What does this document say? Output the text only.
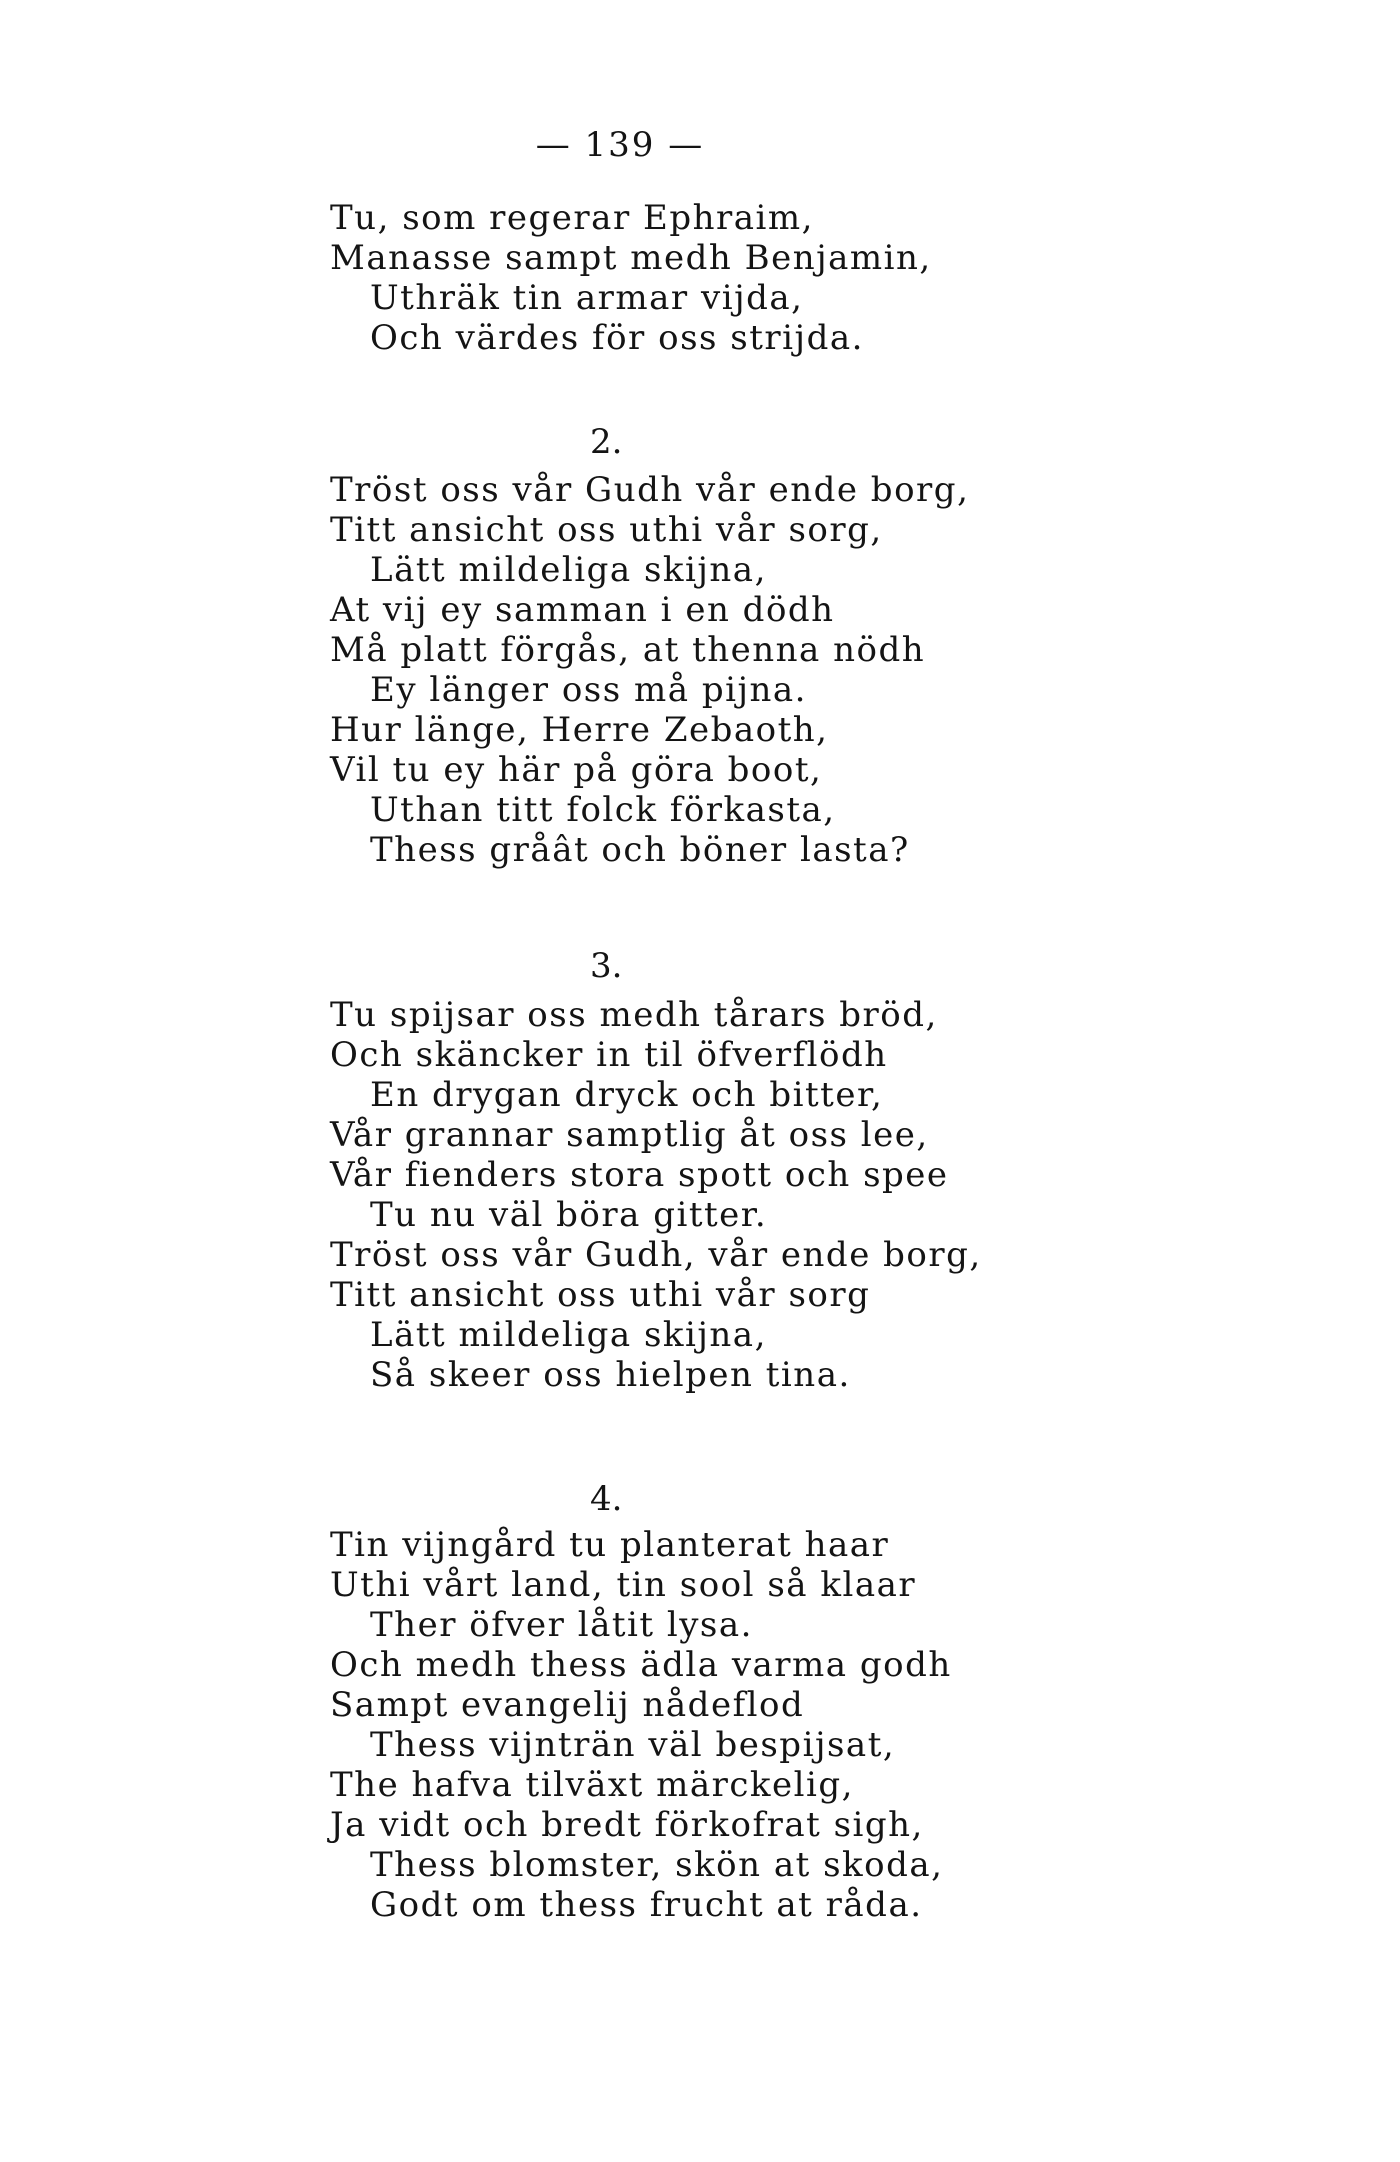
— 139 —
Tu, som regerar Ephraim,
Manasse sampt medh Benjamin,
Uthräk tin armar vijda,
Och värdes för oss strijda.
2.
Tröst oss vår Gudh vår ende borg,
Titt ansicht oss uthi vår sorg,
Lätt mildeliga skijna,
At vij ey samman i en dödh
Må platt förgås, at thenna nödh
Ey länger oss må pijna.
Hur länge, Herre Zebaoth,
Vil tu ey här på göra boot,
Uthan titt folck förkasta,
Thess gråât och böner lasta?
3.
Tu spijsar oss medh tårars bröd,
Och skäncker in til öfverflödh
En drygan dryck och bitter,
Vår grannar samptlig åt oss lee,
Vår fienders stora spott och spee
Tu nu väl böra gitter.
Tröst oss vår Gudh, vår ende borg,
Titt ansicht oss uthi vår sorg
Lätt mildeliga skijna,
Så skeer oss hielpen tina.
4.
Tin vijngård tu planterat haar
Uthi vårt land, tin sool så klaar
Ther öfver låtit lysa.
Och medh thess ädla varma godh
Sampt evangelij nådeflod
Thess vijnträn väl bespijsat,
The hafva tilväxt märckelig,
Ja vidt och bredt förkofrat sigh,
Thess blomster, skön at skoda,
Godt om thess frucht at råda.
